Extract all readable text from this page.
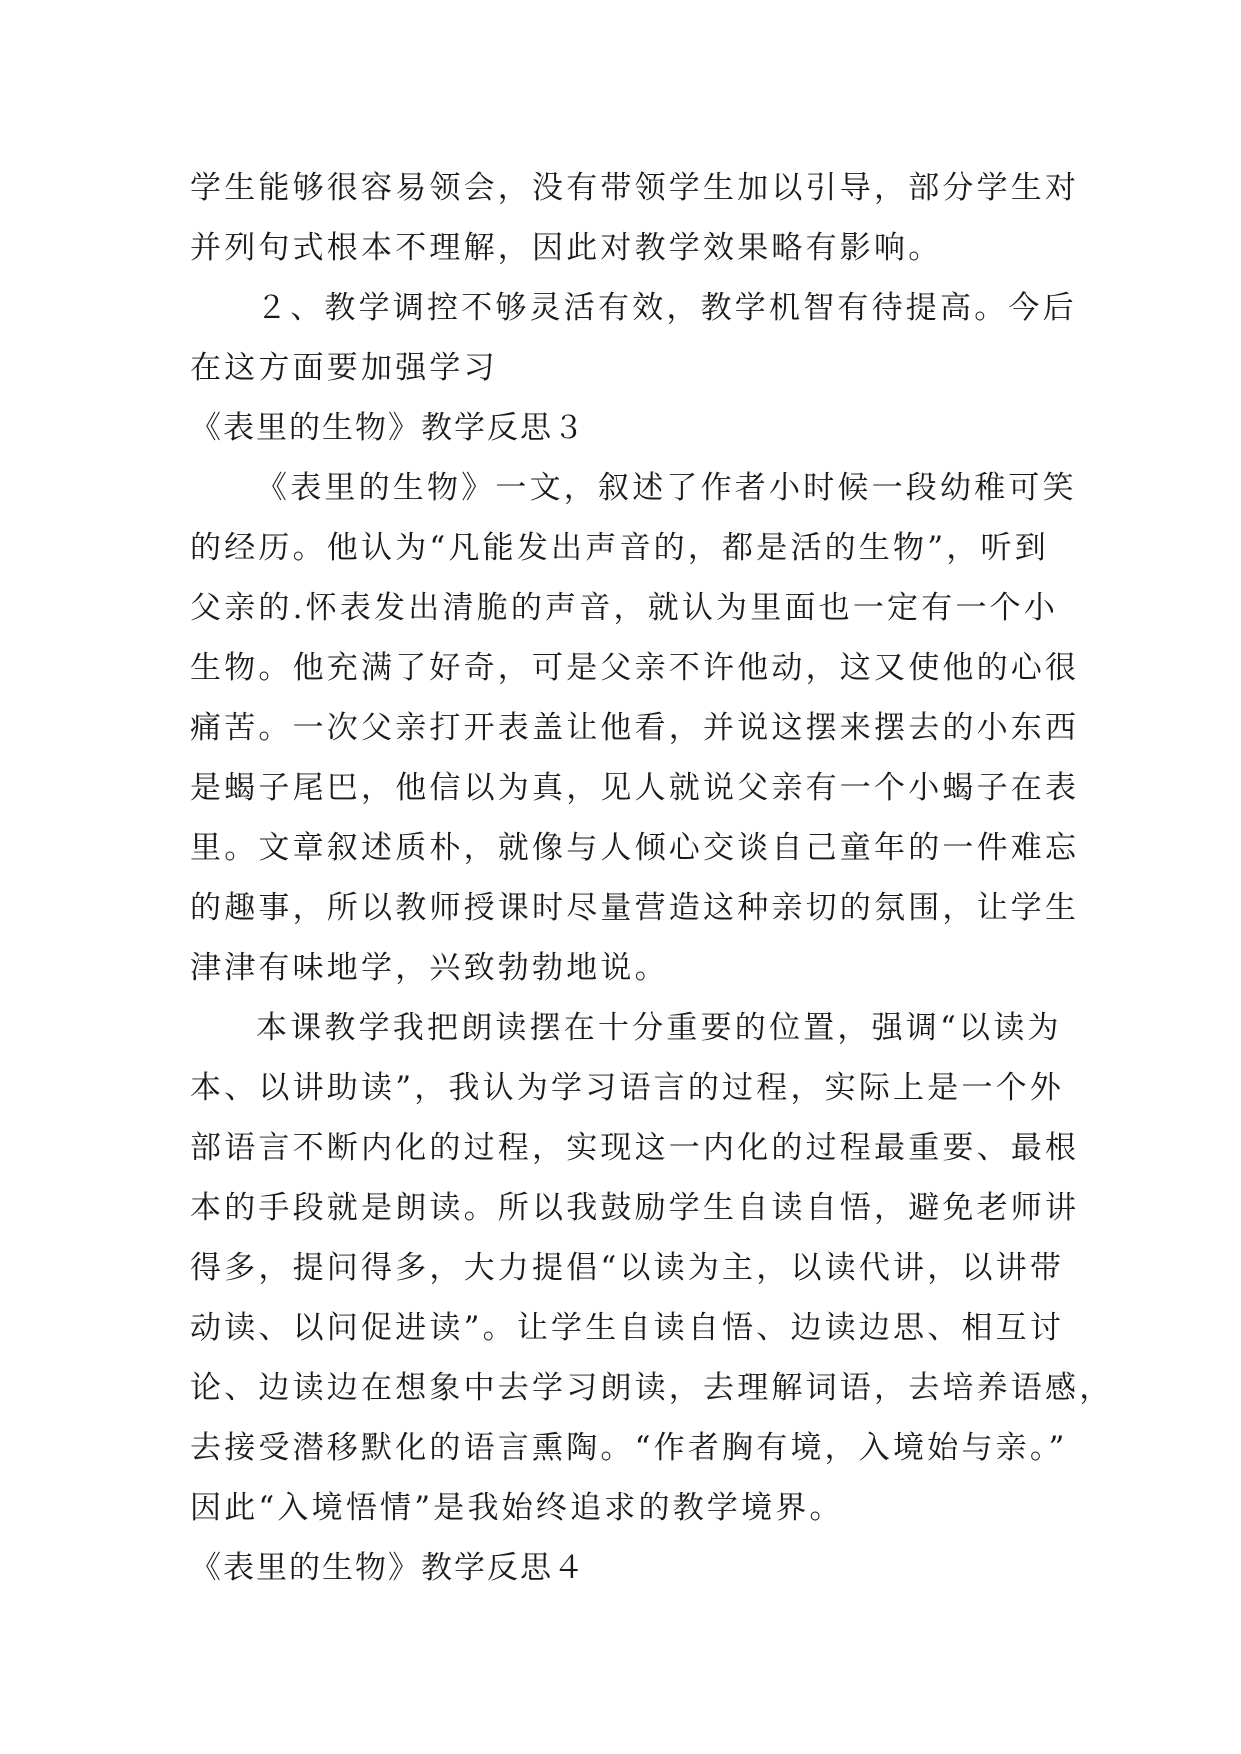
学生能够很容易领会，没有带领学生加以引导，部分学生对
并列句式根本不理解，因此对教学效果略有影响。
２、教学调控不够灵活有效，教学机智有待提高。今后
在这方面要加强学习
《表里的生物》教学反思３
《表里的生物》一文，叙述了作者小时候一段幼稚可笑
的经历。他认为“凡能发出声音的，都是活的生物”，听到
父亲的.怀表发出清脆的声音，就认为里面也一定有一个小
生物。他充满了好奇，可是父亲不许他动，这又使他的心很
痛苦。一次父亲打开表盖让他看，并说这摆来摆去的小东西
是蝎子尾巴，他信以为真，见人就说父亲有一个小蝎子在表
里。文章叙述质朴，就像与人倾心交谈自己童年的一件难忘
的趣事，所以教师授课时尽量营造这种亲切的氛围，让学生
津津有味地学，兴致勃勃地说。
本课教学我把朗读摆在十分重要的位置，强调“以读为
本、以讲助读”，我认为学习语言的过程，实际上是一个外
部语言不断内化的过程，实现这一内化的过程最重要、最根
本的手段就是朗读。所以我鼓励学生自读自悟，避免老师讲
得多，提问得多，大力提倡“以读为主，以读代讲，以讲带
动读、以问促进读”。让学生自读自悟、边读边思、相互讨
论、边读边在想象中去学习朗读，去理解词语，去培养语感，
去接受潜移默化的语言熏陶。“作者胸有境，入境始与亲。”
因此“入境悟情”是我始终追求的教学境界。
《表里的生物》教学反思４
